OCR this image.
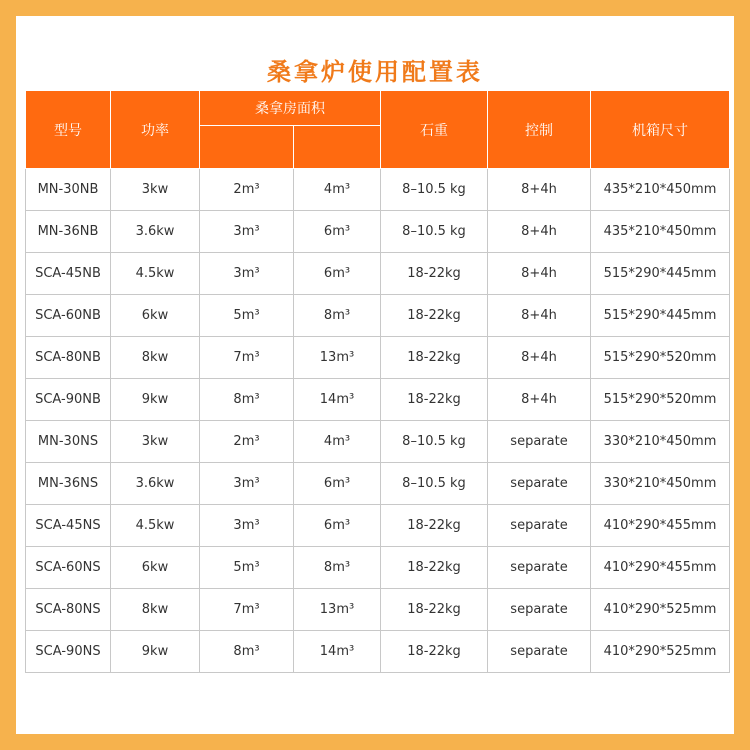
桑拿炉使用配置表
型号	功率	桑拿房面积		石重	控制	机箱尺寸

MN-30NB	3kw	2m³	4m³	8–10.5 kg	8+4h	435*210*450mm
MN-36NB	3.6kw	3m³	6m³	8–10.5 kg	8+4h	435*210*450mm
SCA-45NB	4.5kw	3m³	6m³	18-22kg	8+4h	515*290*445mm
SCA-60NB	6kw	5m³	8m³	18-22kg	8+4h	515*290*445mm
SCA-80NB	8kw	7m³	13m³	18-22kg	8+4h	515*290*520mm
SCA-90NB	9kw	8m³	14m³	18-22kg	8+4h	515*290*520mm
MN-30NS	3kw	2m³	4m³	8–10.5 kg	separate	330*210*450mm
MN-36NS	3.6kw	3m³	6m³	8–10.5 kg	separate	330*210*450mm
SCA-45NS	4.5kw	3m³	6m³	18-22kg	separate	410*290*455mm
SCA-60NS	6kw	5m³	8m³	18-22kg	separate	410*290*455mm
SCA-80NS	8kw	7m³	13m³	18-22kg	separate	410*290*525mm
SCA-90NS	9kw	8m³	14m³	18-22kg	separate	410*290*525mm
